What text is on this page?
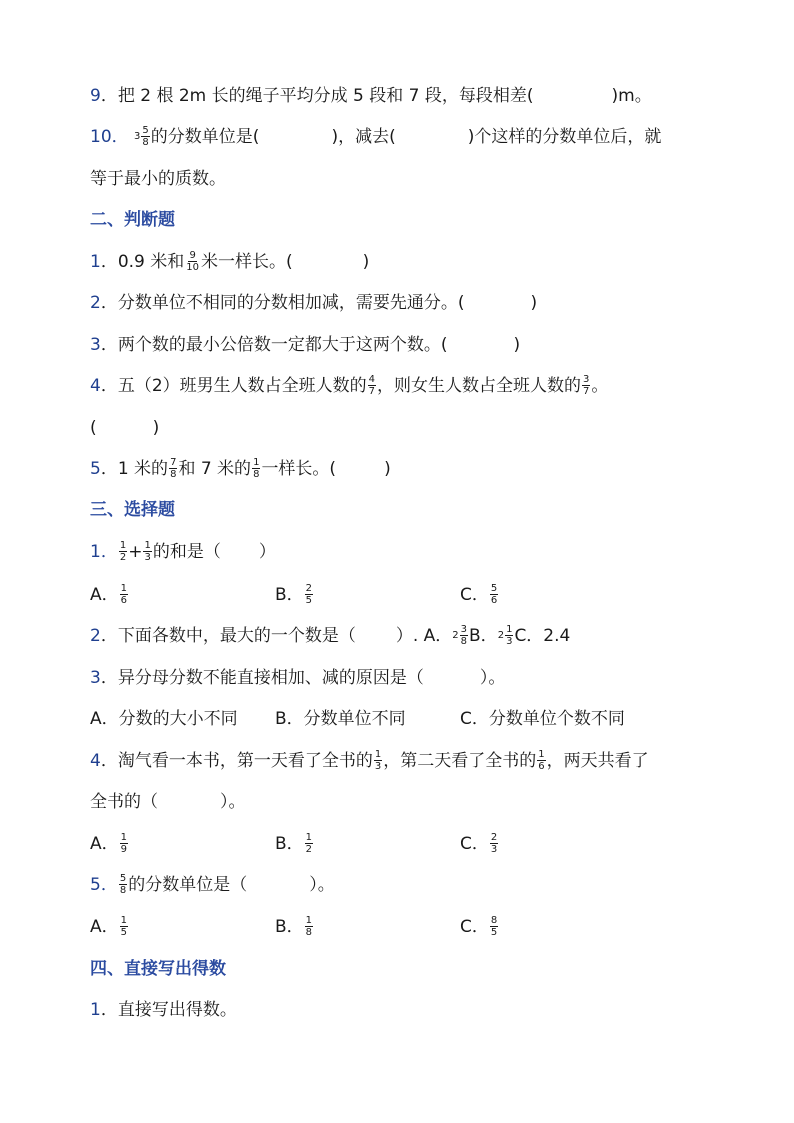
9．把 2 根 2m 长的绳子平均分成 5 段和 7 段，每段相差(	)m。
10． $3 \frac{5}{8}$ 的分数单位是(	)，减去(	)个这样的分数单位后，就
等于最小的质数。
二、判断题
1．0.9 米和 $\frac{9}{10}$ 米一样长。(	)
2．分数单位不相同的分数相加减，需要先通分。(	)
3．两个数的最小公倍数一定都大于这两个数。(	)
4．五（2）班男生人数占全班人数的 $\frac{4}{7}$ ，则女生人数占全班人数的 $\frac{3}{7}$ 。
(	)
5．1 米的 $\frac{7}{8}$ 和 7 米的 $\frac{1}{8}$ 一样长。(	)
三、选择题
1． $\frac{1}{2} + \frac{1}{3}$ 的和是（ ）
A． $\frac{1}{6}$	B． $\frac{2}{5}$	C． $\frac{5}{6}$
2．下面各数中，最大的一个数是（ ）. A．$2 \frac{3}{8}$ B．$2 \frac{1}{3}$ C．2.4
3．异分母分数不能直接相加、减的原因是（	）。
A．分数的大小不同 B．分数单位不同	C．分数单位个数不同
4．淘气看一本书，第一天看了全书的 $\frac{1}{3}$ ，第二天看了全书的 $\frac{1}{6}$ ，两天共看了
全书的（	）。
A． $\frac{1}{9}$	B． $\frac{1}{2}$	C． $\frac{2}{3}$
5． $\frac{5}{8}$ 的分数单位是（	）。
A． $\frac{1}{5}$	B． $\frac{1}{8}$	C． $\frac{8}{5}$
四、直接写出得数
1．直接写出得数。
